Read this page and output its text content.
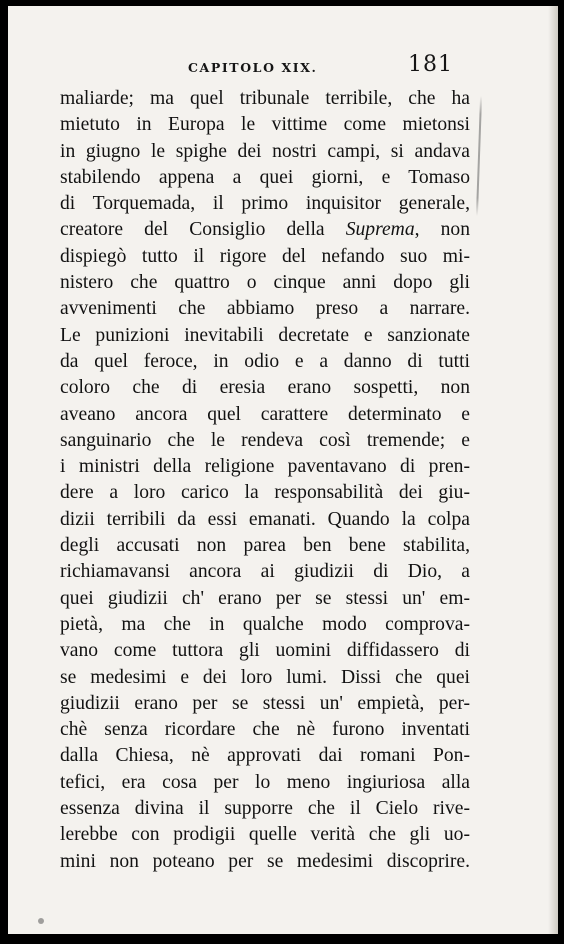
CAPITOLO XIX.	181
maliarde; ma quel tribunale terribile, che ha
mietuto in Europa le vittime come mietonsi
in giugno le spighe dei nostri campi, si andava
stabilendo appena a quei giorni, e Tomaso
di Torquemada, il primo inquisitor generale,
creatore del Consiglio della Suprema, non
dispiegò tutto il rigore del nefando suo mi-
nistero che quattro o cinque anni dopo gli
avvenimenti che abbiamo preso a narrare.
Le punizioni inevitabili decretate e sanzionate
da quel feroce, in odio e a danno di tutti
coloro che di eresia erano sospetti, non
aveano ancora quel carattere determinato e
sanguinario che le rendeva così tremende; e
i ministri della religione paventavano di pren-
dere a loro carico la responsabilità dei giu-
dizii terribili da essi emanati. Quando la colpa
degli accusati non parea ben bene stabilita,
richiamavansi ancora ai giudizii di Dio, a
quei giudizii ch' erano per se stessi un' em-
pietà, ma che in qualche modo comprova-
vano come tuttora gli uomini diffidassero di
se medesimi e dei loro lumi. Dissi che quei
giudizii erano per se stessi un' empietà, per-
chè senza ricordare che nè furono inventati
dalla Chiesa, nè approvati dai romani Pon-
tefici, era cosa per lo meno ingiuriosa alla
essenza divina il supporre che il Cielo rive-
lerebbe con prodigii quelle verità che gli uo-
mini non poteano per se medesimi discoprire.
